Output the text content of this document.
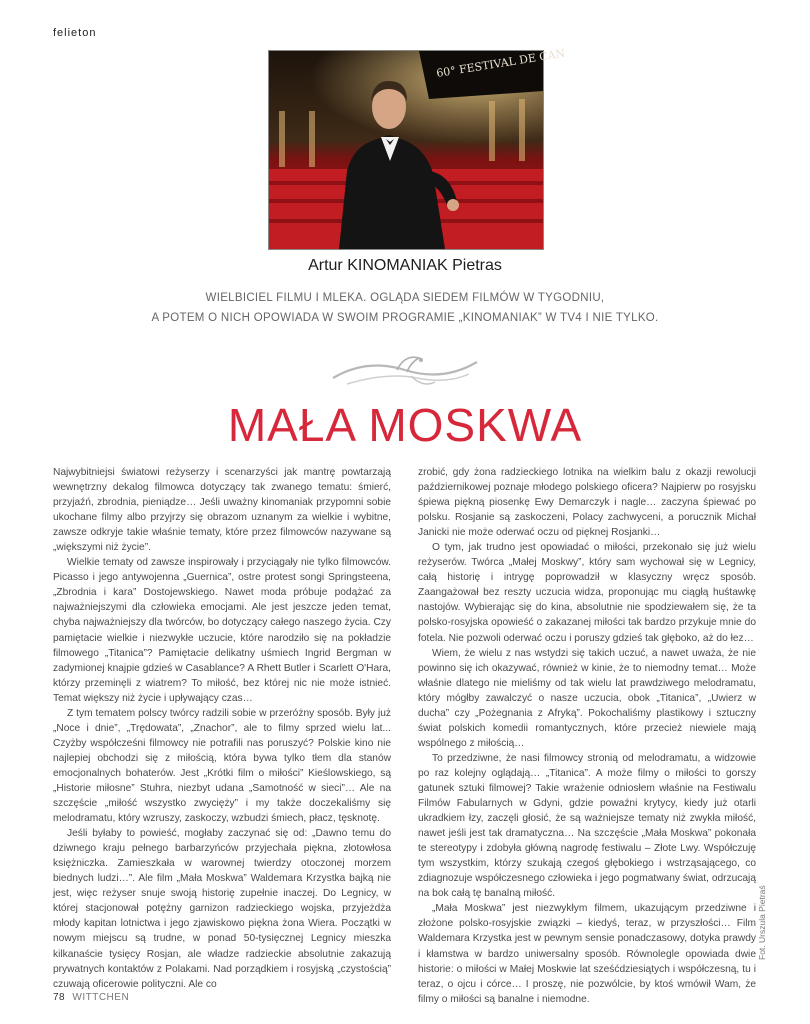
felieton
60° FESTIVAL DE CAN
Artur KINOMANIAK Pietras
WIELBICIEL FILMU I MLEKA. OGLĄDA SIEDEM FILMÓW W TYGODNIU,
A POTEM O NICH OPOWIADA W SWOIM PROGRAMIE „KINOMANIAK” W TV4 I NIE TYLKO.
MAŁA MOSKWA

Najwybitniejsi światowi reżyserzy i scenarzyści jak mantrę powtarzają wewnętrzny dekalog filmowca dotyczący tak zwanego tematu: śmierć, przyjaźń, zbrodnia, pieniądze… Jeśli uważny kinomaniak przypomni sobie ukochane filmy albo przyjrzy się obrazom uznanym za wielkie i wybitne, zawsze odkryje takie właśnie tematy, które przez filmowców nazywane są „większymi niż życie”.

Wielkie tematy od zawsze inspirowały i przyciągały nie tylko filmowców. Picasso i jego antywojenna „Guernica”, ostre protest songi Springsteena, „Zbrodnia i kara” Dostojewskiego. Nawet moda próbuje podążać za najważniejszymi dla człowieka emocjami. Ale jest jeszcze jeden temat, chyba najważniejszy dla twórców, bo dotyczący całego naszego życia. Czy pamiętacie wielkie i niezwykłe uczucie, które narodziło się na pokładzie filmowego „Titanica”? Pamiętacie delikatny uśmiech Ingrid Bergman w zadymionej knajpie gdzieś w Casablance? A Rhett Butler i Scarlett O'Hara, którzy przeminęli z wiatrem? To miłość, bez której nic nie może istnieć. Temat większy niż życie i upływający czas…

Z tym tematem polscy twórcy radzili sobie w przeróżny sposób. Były już „Noce i dnie”, „Trędowata”, „Znachor”, ale to filmy sprzed wielu lat... Czyżby współcześni filmowcy nie potrafili nas poruszyć? Polskie kino nie najlepiej obchodzi się z miłością, która bywa tylko tłem dla stanów emocjonalnych bohaterów. Jest „Krótki film o miłości” Kieślowskiego, są „Historie miłosne” Stuhra, niezbyt udana „Samotność w sieci”… Ale na szczęście „miłość wszystko zwycięży” i my także doczekaliśmy się melodramatu, który wzruszy, zaskoczy, wzbudzi śmiech, płacz, tęsknotę.

Jeśli byłaby to powieść, mogłaby zaczynać się od: „Dawno temu do dziwnego kraju pełnego barbarzyńców przyjechała piękna, złotowłosa księżniczka. Zamieszkała w warownej twierdzy otoczonej morzem biednych ludzi…”. Ale film „Mała Moskwa” Waldemara Krzystka bajką nie jest, więc reżyser snuje swoją historię zupełnie inaczej. Do Legnicy, w której stacjonował potężny garnizon radzieckiego wojska, przyjeżdża młody kapitan lotnictwa i jego zjawiskowo piękna żona Wiera. Początki w nowym miejscu są trudne, w ponad 50-tysięcznej Legnicy mieszka kilkanaście tysięcy Rosjan, ale władze radzieckie absolutnie zakazują prywatnych kontaktów z Polakami. Nad porządkiem i rosyjską „czystością” czuwają oficerowie polityczni. Ale co

zrobić, gdy żona radzieckiego lotnika na wielkim balu z okazji rewolucji październikowej poznaje młodego polskiego oficera? Najpierw po rosyjsku śpiewa piękną piosenkę Ewy Demarczyk i nagle… zaczyna śpiewać po polsku. Rosjanie są zaskoczeni, Polacy zachwyceni, a porucznik Michał Janicki nie może oderwać oczu od pięknej Rosjanki…

O tym, jak trudno jest opowiadać o miłości, przekonało się już wielu reżyserów. Twórca „Małej Moskwy”, który sam wychował się w Legnicy, całą historię i intrygę poprowadził w klasyczny wręcz sposób. Zaangażował bez reszty uczucia widza, proponując mu ciągłą huśtawkę nastojów. Wybierając się do kina, absolutnie nie spodziewałem się, że ta polsko-rosyjska opowieść o zakazanej miłości tak bardzo przykuje mnie do fotela. Nie pozwoli oderwać oczu i poruszy gdzieś tak głęboko, aż do łez…

Wiem, że wielu z nas wstydzi się takich uczuć, a nawet uważa, że nie powinno się ich okazywać, również w kinie, że to niemodny temat… Może właśnie dlatego nie mieliśmy od tak wielu lat prawdziwego melodramatu, który mógłby zawalczyć o nasze uczucia, obok „Titanica”, „Uwierz w ducha” czy „Pożegnania z Afryką”. Pokochaliśmy plastikowy i sztuczny świat polskich komedii romantycznych, które przecież niewiele mają wspólnego z miłością…

To przedziwne, że nasi filmowcy stronią od melodramatu, a widzowie po raz kolejny oglądają… „Titanica”. A może filmy o miłości to gorszy gatunek sztuki filmowej? Takie wrażenie odniosłem właśnie na Festiwalu Filmów Fabularnych w Gdyni, gdzie powaźni krytycy, kiedy już otarli ukradkiem łzy, zaczęli głosić, że są ważniejsze tematy niż zwykła miłość, nawet jeśli jest tak dramatyczna… Na szczęście „Mała Moskwa” pokonała te stereotypy i zdobyła główną nagrodę festiwalu – Złote Lwy. Współczuję tym wszystkim, którzy szukają czegoś głębokiego i wstrząsającego, co zdiagnozuje współczesnego człowieka i jego pogmatwany świat, odrzucają na bok całą tę banalną miłość.

„Mała Moskwa” jest niezwykłym filmem, ukazującym przedziwne i złożone polsko-rosyjskie związki – kiedyś, teraz, w przyszłości… Film Waldemara Krzystka jest w pewnym sensie ponadczasowy, dotyka prawdy i kłamstwa w bardzo uniwersalny sposób. Równolegle opowiada dwie historie: o miłości w Małej Moskwie lat sześćdziesiątych i współczesną, tu i teraz, o ojcu i córce… I proszę, nie pozwólcie, by ktoś wmówił Wam, że filmy o miłości są banalne i niemodne.

Fot. Urszula Pietraś
78 WITTCHEN
